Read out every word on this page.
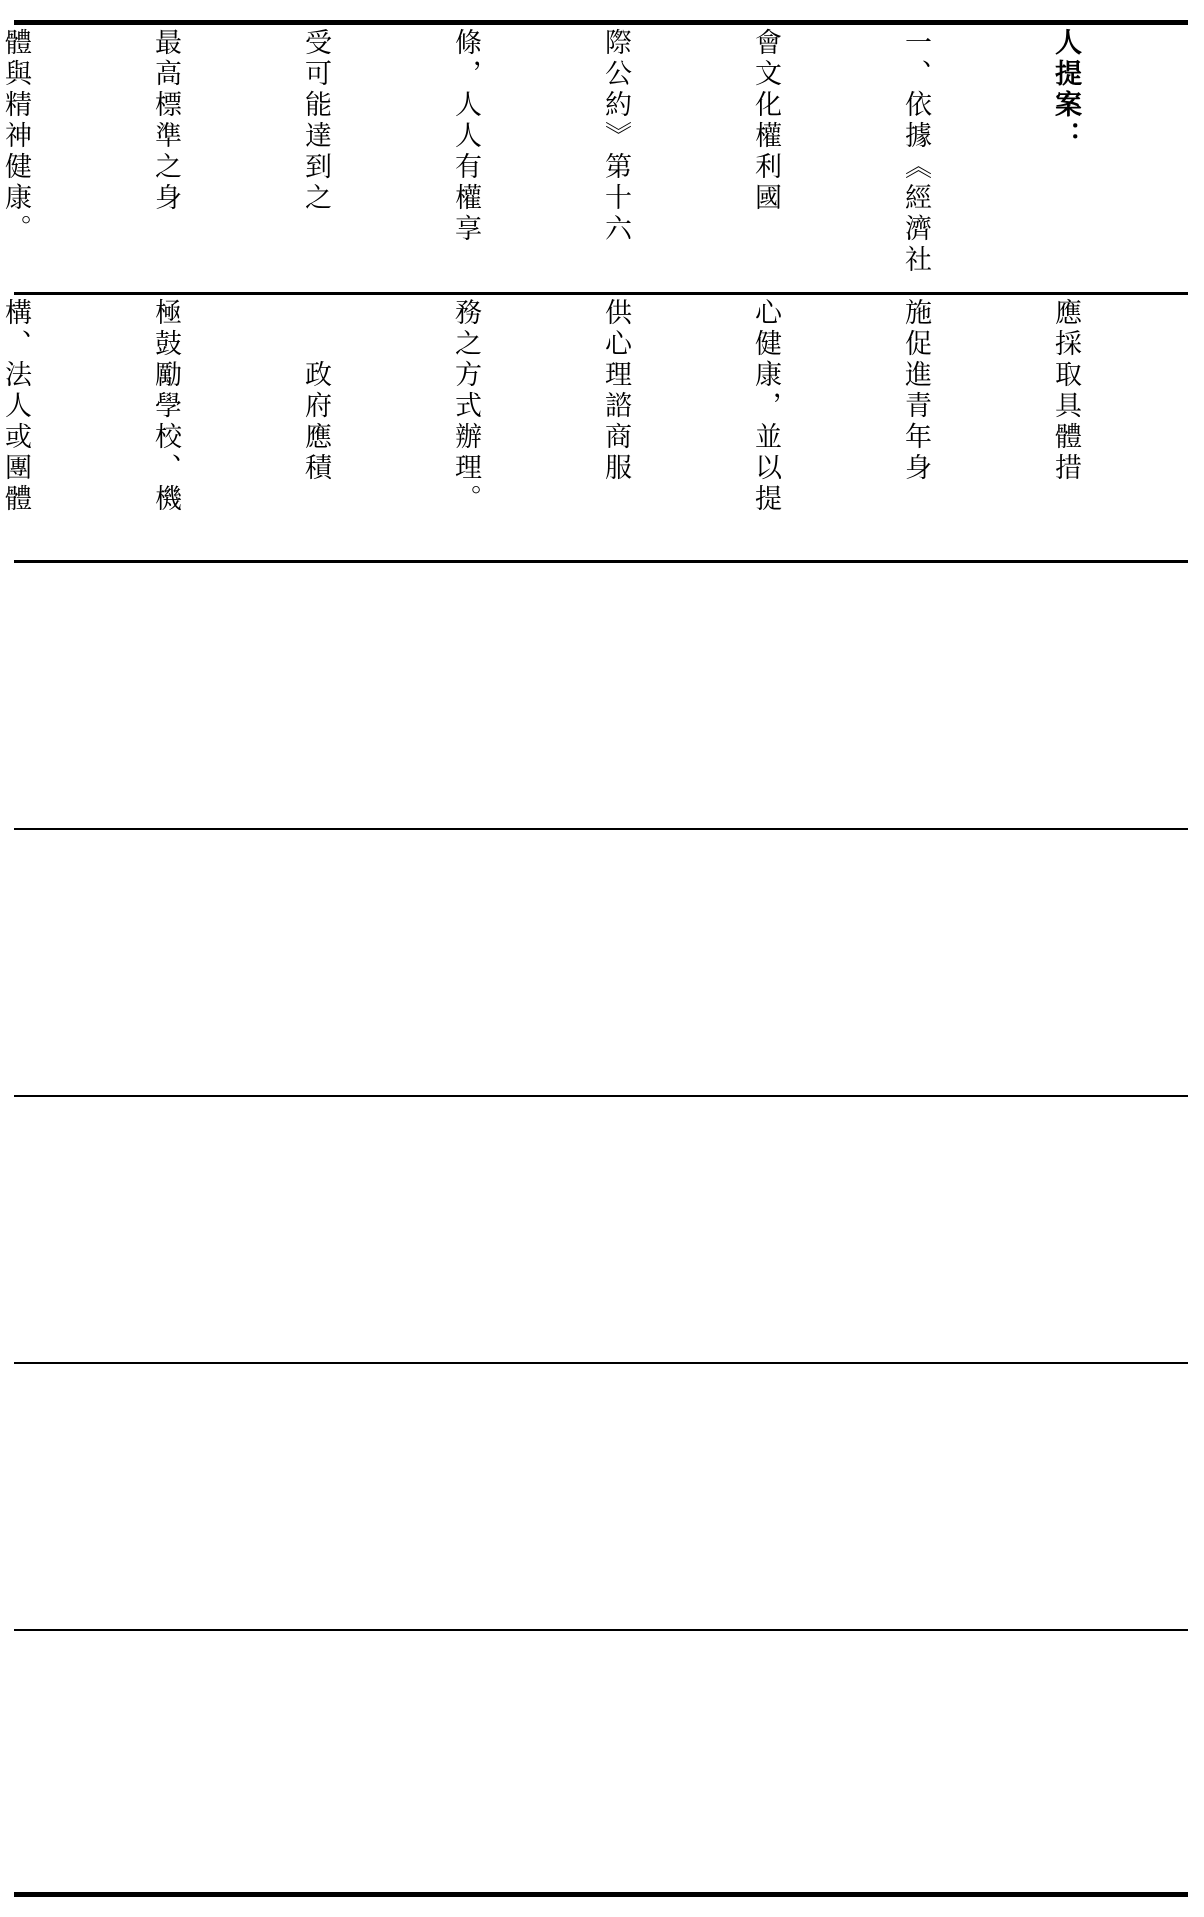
人提案：

一、依據《經濟社

會文化權利國

際公約》第十六

條，人人有權享

受可能達到之

最高標準之身

體與精神健康。

應採取具體措

施促進青年身

心健康，並以提

供心理諮商服

務之方式辦理。

　　政府應積

極鼓勵學校、機

構、法人或團體
